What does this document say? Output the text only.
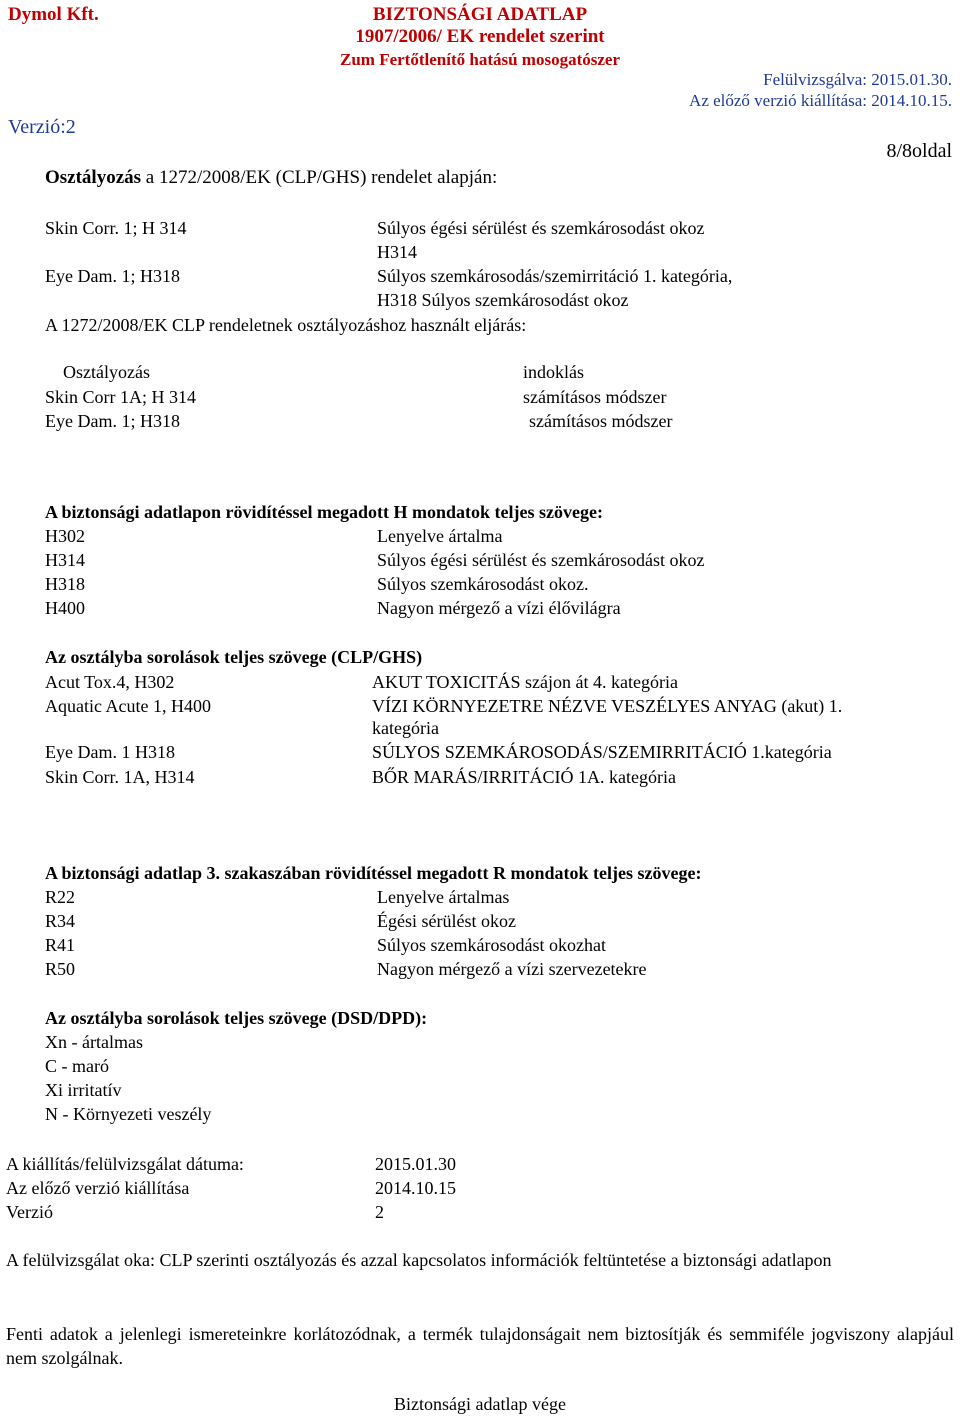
Dymol Kft.	BIZTONSÁGI ADATLAP
1907/2006/ EK rendelet szerint
Zum Fertőtlenítő hatású mosogatószer
Felülvizsgálva: 2015.01.30.
Az előző verzió kiállítása: 2014.10.15.
Verzió:2
8/8oldal
Osztályozás a 1272/2008/EK (CLP/GHS) rendelet alapján:
Skin Corr. 1; H 314	Súlyos égési sérülést és szemkárosodást okoz
H314
Eye Dam. 1; H318	Súlyos szemkárosodás/szemirritáció 1. kategória,
H318 Súlyos szemkárosodást okoz
A 1272/2008/EK CLP rendeletnek osztályozáshoz használt eljárás:
Osztályozás	indoklás
Skin Corr 1A; H 314	számításos módszer
Eye Dam. 1; H318	számításos módszer
A biztonsági adatlapon rövidítéssel megadott H mondatok teljes szövege:
H302	Lenyelve ártalma
H314	Súlyos égési sérülést és szemkárosodást okoz
H318	Súlyos szemkárosodást okoz.
H400	Nagyon mérgező a vízi élővilágra
Az osztályba sorolások teljes szövege (CLP/GHS)
Acut Tox.4, H302	AKUT TOXICITÁS szájon át 4. kategória
Aquatic Acute 1, H400	VÍZI KÖRNYEZETRE NÉZVE VESZÉLYES ANYAG (akut) 1.
kategória
Eye Dam. 1 H318	SÚLYOS SZEMKÁROSODÁS/SZEMIRRITÁCIÓ 1.kategória
Skin Corr. 1A, H314	BŐR MARÁS/IRRITÁCIÓ 1A. kategória
A biztonsági adatlap 3. szakaszában rövidítéssel megadott R mondatok teljes szövege:
R22	Lenyelve ártalmas
R34	Égési sérülést okoz
R41	Súlyos szemkárosodást okozhat
R50	Nagyon mérgező a vízi szervezetekre
Az osztályba sorolások teljes szövege (DSD/DPD):
Xn - ártalmas
C - maró
Xi irritatív
N - Környezeti veszély
A kiállítás/felülvizsgálat dátuma:	2015.01.30
Az előző verzió kiállítása	2014.10.15
Verzió	2
A felülvizsgálat oka: CLP szerinti osztályozás és azzal kapcsolatos információk feltüntetése a biztonsági adatlapon
Fenti adatok a jelenlegi ismereteinkre korlátozódnak, a termék tulajdonságait nem biztosítják és semmiféle jogviszony alapjául nem szolgálnak.
Biztonsági adatlap vége
